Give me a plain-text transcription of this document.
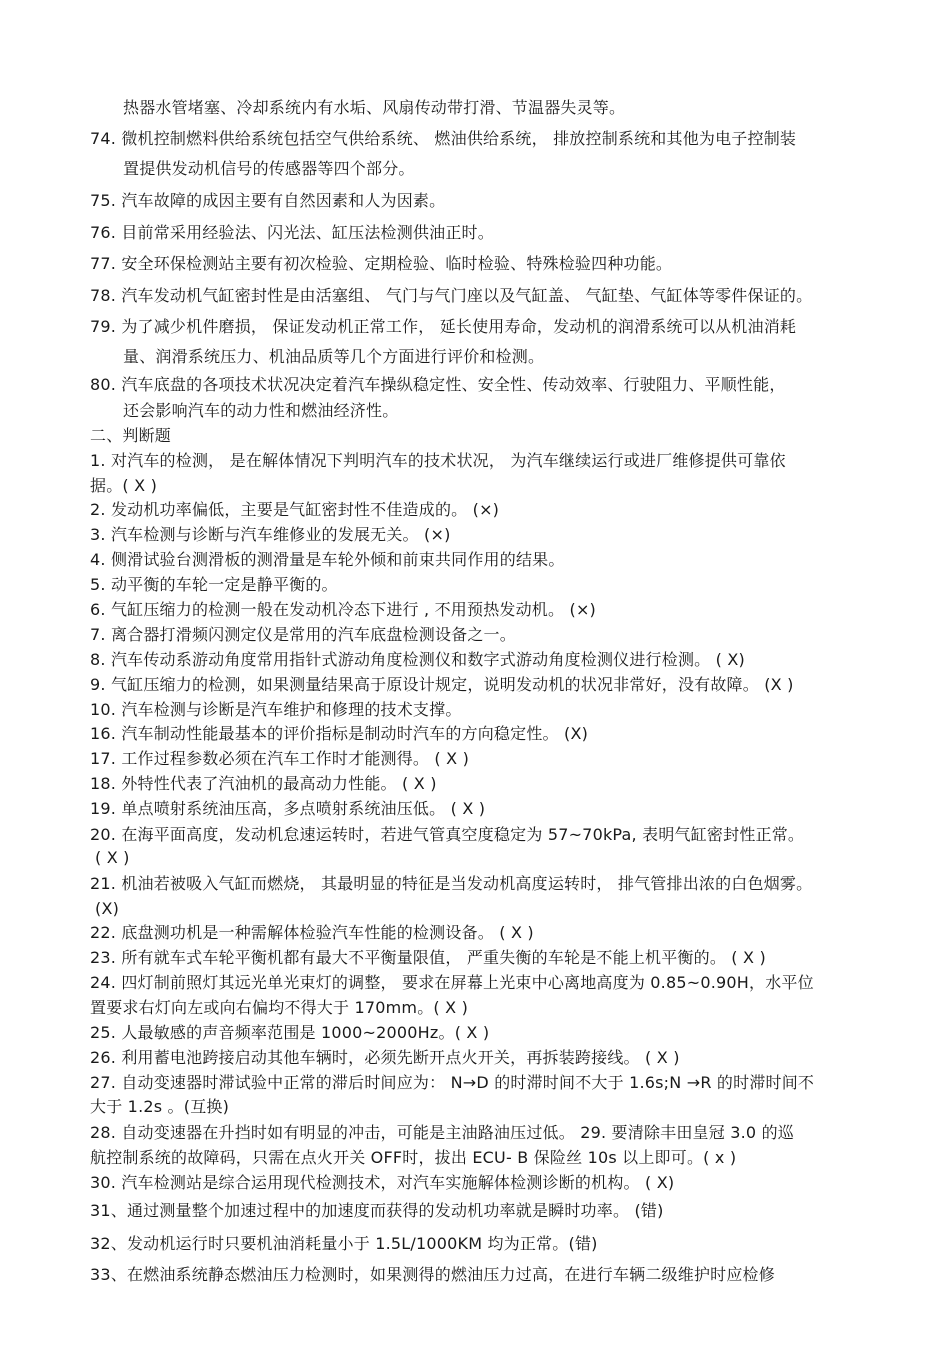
热器水管堵塞、冷却系统内有水垢、风扇传动带打滑、节温器失灵等。
74. 微机控制燃料供给系统包括空气供给系统、 燃油供给系统， 排放控制系统和其他为电子控制装
置提供发动机信号的传感器等四个部分。
75. 汽车故障的成因主要有自然因素和人为因素。
76. 目前常采用经验法、闪光法、缸压法检测供油正时。
77. 安全环保检测站主要有初次检验、定期检验、临时检验、特殊检验四种功能。
78. 汽车发动机气缸密封性是由活塞组、 气门与气门座以及气缸盖、 气缸垫、气缸体等零件保证的。
79. 为了减少机件磨损， 保证发动机正常工作， 延长使用寿命，发动机的润滑系统可以从机油消耗
量、润滑系统压力、机油品质等几个方面进行评价和检测。
80. 汽车底盘的各项技术状况决定着汽车操纵稳定性、安全性、传动效率、行驶阻力、平顺性能，
还会影响汽车的动力性和燃油经济性。
二、判断题
1. 对汽车的检测， 是在解体情况下判明汽车的技术状况， 为汽车继续运行或进厂维修提供可靠依
据。( X )
2. 发动机功率偏低，主要是气缸密封性不佳造成的。 (×)
3. 汽车检测与诊断与汽车维修业的发展无关。 (×)
4. 侧滑试验台测滑板的测滑量是车轮外倾和前束共同作用的结果。
5. 动平衡的车轮一定是静平衡的。
6. 气缸压缩力的检测一般在发动机冷态下进行 , 不用预热发动机。 (×)
7. 离合器打滑频闪测定仪是常用的汽车底盘检测设备之一。
8. 汽车传动系游动角度常用指针式游动角度检测仪和数字式游动角度检测仪进行检测。 ( X)
9. 气缸压缩力的检测，如果测量结果高于原设计规定，说明发动机的状况非常好，没有故障。 (X )
10. 汽车检测与诊断是汽车维护和修理的技术支撑。
16. 汽车制动性能最基本的评价指标是制动时汽车的方向稳定性。 (X)
17. 工作过程参数必须在汽车工作时才能测得。 ( X )
18. 外特性代表了汽油机的最高动力性能。 ( X )
19. 单点喷射系统油压高，多点喷射系统油压低。 ( X )
20. 在海平面高度，发动机怠速运转时，若进气管真空度稳定为 57~70kPa, 表明气缸密封性正常。
( X )
21. 机油若被吸入气缸而燃烧， 其最明显的特征是当发动机高度运转时， 排气管排出浓的白色烟雾。
(X)
22. 底盘测功机是一种需解体检验汽车性能的检测设备。 ( X )
23. 所有就车式车轮平衡机都有最大不平衡量限值， 严重失衡的车轮是不能上机平衡的。 ( X )
24. 四灯制前照灯其远光单光束灯的调整， 要求在屏幕上光束中心离地高度为 0.85~0.90H，水平位
置要求右灯向左或向右偏均不得大于 170mm。( X )
25. 人最敏感的声音频率范围是 1000~2000Hz。( X )
26. 利用蓄电池跨接启动其他车辆时，必须先断开点火开关，再拆装跨接线。 ( X )
27. 自动变速器时滞试验中正常的滞后时间应为： N→D 的时滞时间不大于 1.6s;N →R 的时滞时间不
大于 1.2s 。(互换)
28. 自动变速器在升挡时如有明显的冲击，可能是主油路油压过低。 29. 要清除丰田皇冠 3.0 的巡
航控制系统的故障码，只需在点火开关 OFF时，拔出 ECU- B 保险丝 10s 以上即可。( x )
30. 汽车检测站是综合运用现代检测技术，对汽车实施解体检测诊断的机构。 ( X)
31、通过测量整个加速过程中的加速度而获得的发动机功率就是瞬时功率。 (错)
32、发动机运行时只要机油消耗量小于 1.5L/1000KM 均为正常。(错)
33、在燃油系统静态燃油压力检测时，如果测得的燃油压力过高，在进行车辆二级维护时应检修
